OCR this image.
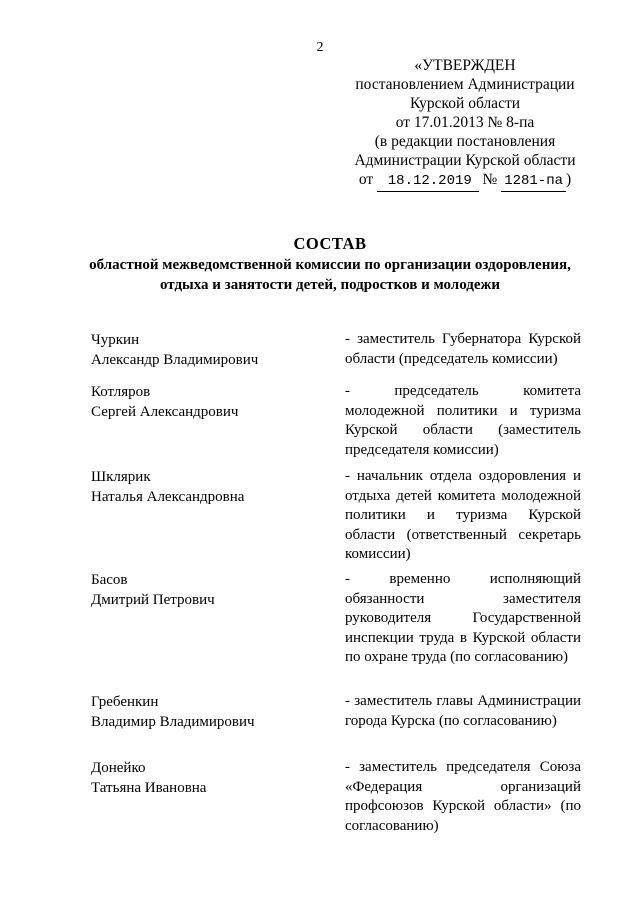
2
«УТВЕРЖДЕН
постановлением Администрации
Курской области
от 17.01.2013 № 8-па
(в редакции постановления
Администрации Курской области
от 18.12.2019 № 1281-па )
СОСТАВ
областной межведомственной комиссии по организации оздоровления,
отдыха и занятости детей, подростков и молодежи
Чуркин
Александр Владимирович
- заместитель Губернатора Курской области (председатель комиссии)
Котляров
Сергей Александрович
- председатель комитета молодежной политики и туризма Курской области (заместитель председателя комиссии)
Шклярик
Наталья Александровна
- начальник отдела оздоровления и отдыха детей комитета молодежной политики и туризма Курской области (ответственный секретарь комиссии)
Басов
Дмитрий Петрович
- временно исполняющий обязанности заместителя руководителя Государственной инспекции труда в Курской области по охране труда (по согласованию)
Гребенкин
Владимир Владимирович
- заместитель главы Администрации города Курска (по согласованию)
Донейко
Татьяна Ивановна
- заместитель председателя Союза «Федерация организаций профсоюзов Курской области» (по согласованию)
